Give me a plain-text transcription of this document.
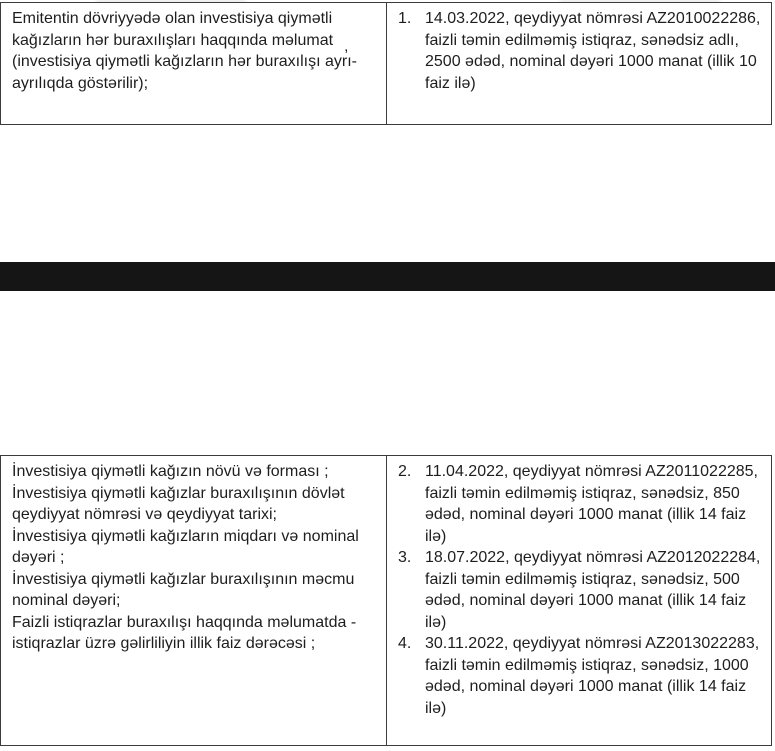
Emitentin dövriyyədə olan investisiya qiymətli kağızların hər buraxılışları haqqında məlumat (investisiya qiymətli kağızların hər buraxılışı ayrı-ayrılıqda göstərilir);

1. 14.03.2022, qeydiyyat nömrəsi AZ2010022286, faizli təmin edilməmiş istiqraz, sənədsiz adlı, 2500 ədəd, nominal dəyəri 1000 manat (illik 10 faiz ilə)
,

İnvestisiya qiymətli kağızın növü və forması ;

İnvestisiya qiymətli kağızlar buraxılışının dövlət qeydiyyat nömrəsi və qeydiyyat tarixi;

İnvestisiya qiymətli kağızların miqdarı və nominal dəyəri ;

İnvestisiya qiymətli kağızlar buraxılışının məcmu nominal dəyəri;

Faizli istiqrazlar buraxılışı haqqında məlumatda - istiqrazlar üzrə gəlirliliyin illik faiz dərəcəsi ;

2. 11.04.2022, qeydiyyat nömrəsi AZ2011022285, faizli təmin edilməmiş istiqraz, sənədsiz, 850 ədəd, nominal dəyəri 1000 manat (illik 14 faiz ilə)
3. 18.07.2022, qeydiyyat nömrəsi AZ2012022284, faizli təmin edilməmiş istiqraz, sənədsiz, 500 ədəd, nominal dəyəri 1000 manat (illik 14 faiz ilə)
4. 30.11.2022, qeydiyyat nömrəsi AZ2013022283, faizli təmin edilməmiş istiqraz, sənədsiz, 1000 ədəd, nominal dəyəri 1000 manat (illik 14 faiz ilə)
